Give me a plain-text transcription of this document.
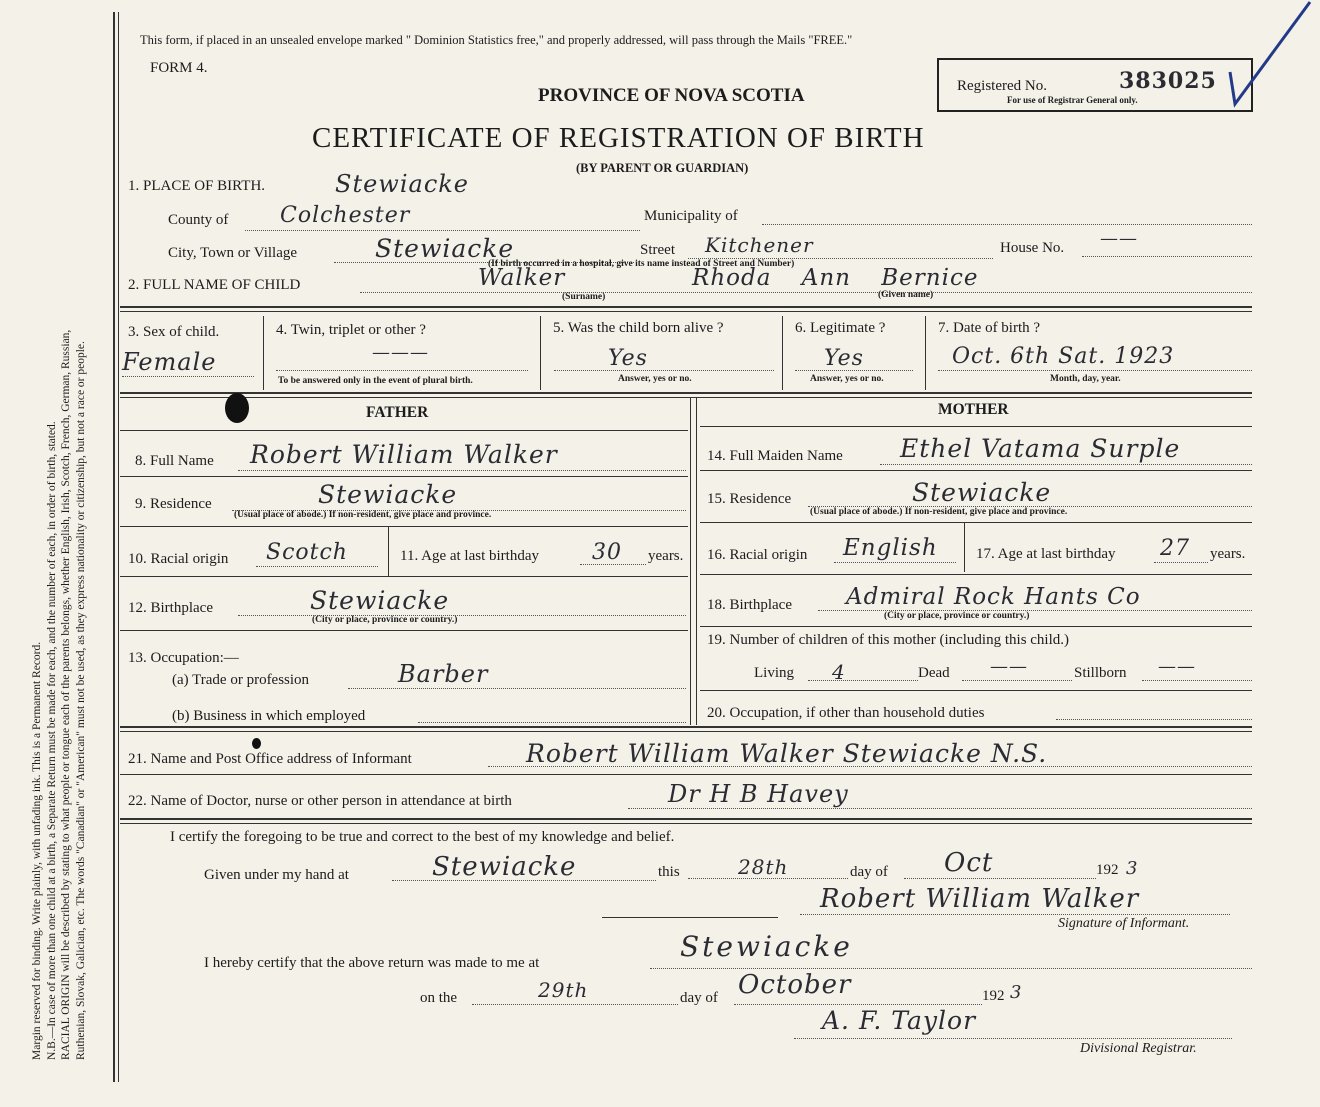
Margin reserved for binding. Write plainly, with unfading ink. This is a Permanent Record. N.B.—In case of more than one child at a birth, a Separate Return must be made for each, and the number of each, in order of birth, stated. RACIAL ORIGIN will be described by stating to what people or tongue each of the parents belongs, whether English, Irish, Scotch, French, German, Russian, Ruthenian, Slovak, Galician, etc. The words "Canadian" or "American" must not be used, as they express nationality or citizenship, but not a race or people.
This form, if placed in an unsealed envelope marked " Dominion Statistics free," and properly addressed, will pass through the Mails "FREE."
FORM 4.
PROVINCE OF NOVA SCOTIA
CERTIFICATE OF REGISTRATION OF BIRTH
(BY PARENT OR GUARDIAN)
Registered No.	383025
For use of Registrar General only.
1. PLACE OF BIRTH.	Stewiacke
County of Colchester	Municipality of
City, Town or Village	Stewiacke	Street Kitchener	House No. ——
(If birth occurred in a hospital, give its name instead of Street and Number)
2. FULL NAME OF CHILD	Walker	Rhoda Ann Bernice
(Surname)	(Given name)
3. Sex of child.
Female
4. Twin, triplet or other ?
———
To be answered only in the event of plural birth.
5. Was the child born alive ?
Yes
Answer, yes or no.
6. Legitimate ?
Yes
Answer, yes or no.
7. Date of birth ?
Oct. 6th Sat. 1923
Month, day, year.
FATHER	MOTHER
8. Full Name Robert William Walker
9. Residence	Stewiacke
(Usual place of abode.) If non-resident, give place and province.
10. Racial origin Scotch	11. Age at last birthday 30 years.
12. Birthplace	Stewiacke
(City or place, province or country.)
13. Occupation:—
(a) Trade or profession	Barber
(b) Business in which employed
14. Full Maiden Name Ethel Vatama Surple
15. Residence	Stewiacke
(Usual place of abode.) If non-resident, give place and province.
16. Racial origin English	17. Age at last birthday 27 years.
18. Birthplace Admiral Rock Hants Co
(City or place, province or country.)
19. Number of children of this mother (including this child.)
Living 4	Dead ——	Stillborn ——
20. Occupation, if other than household duties
21. Name and Post Office address of Informant	Robert William Walker Stewiacke N.S.
22. Name of Doctor, nurse or other person in attendance at birth	Dr H B Havey
I certify the foregoing to be true and correct to the best of my knowledge and belief.
Given under my hand at	Stewiacke	this	28th	day of Oct	192 3
Robert William Walker
Signature of Informant.
I hereby certify that the above return was made to me at	Stewiacke
on the	29th	day of October	192 3
A. F. Taylor
Divisional Registrar.
